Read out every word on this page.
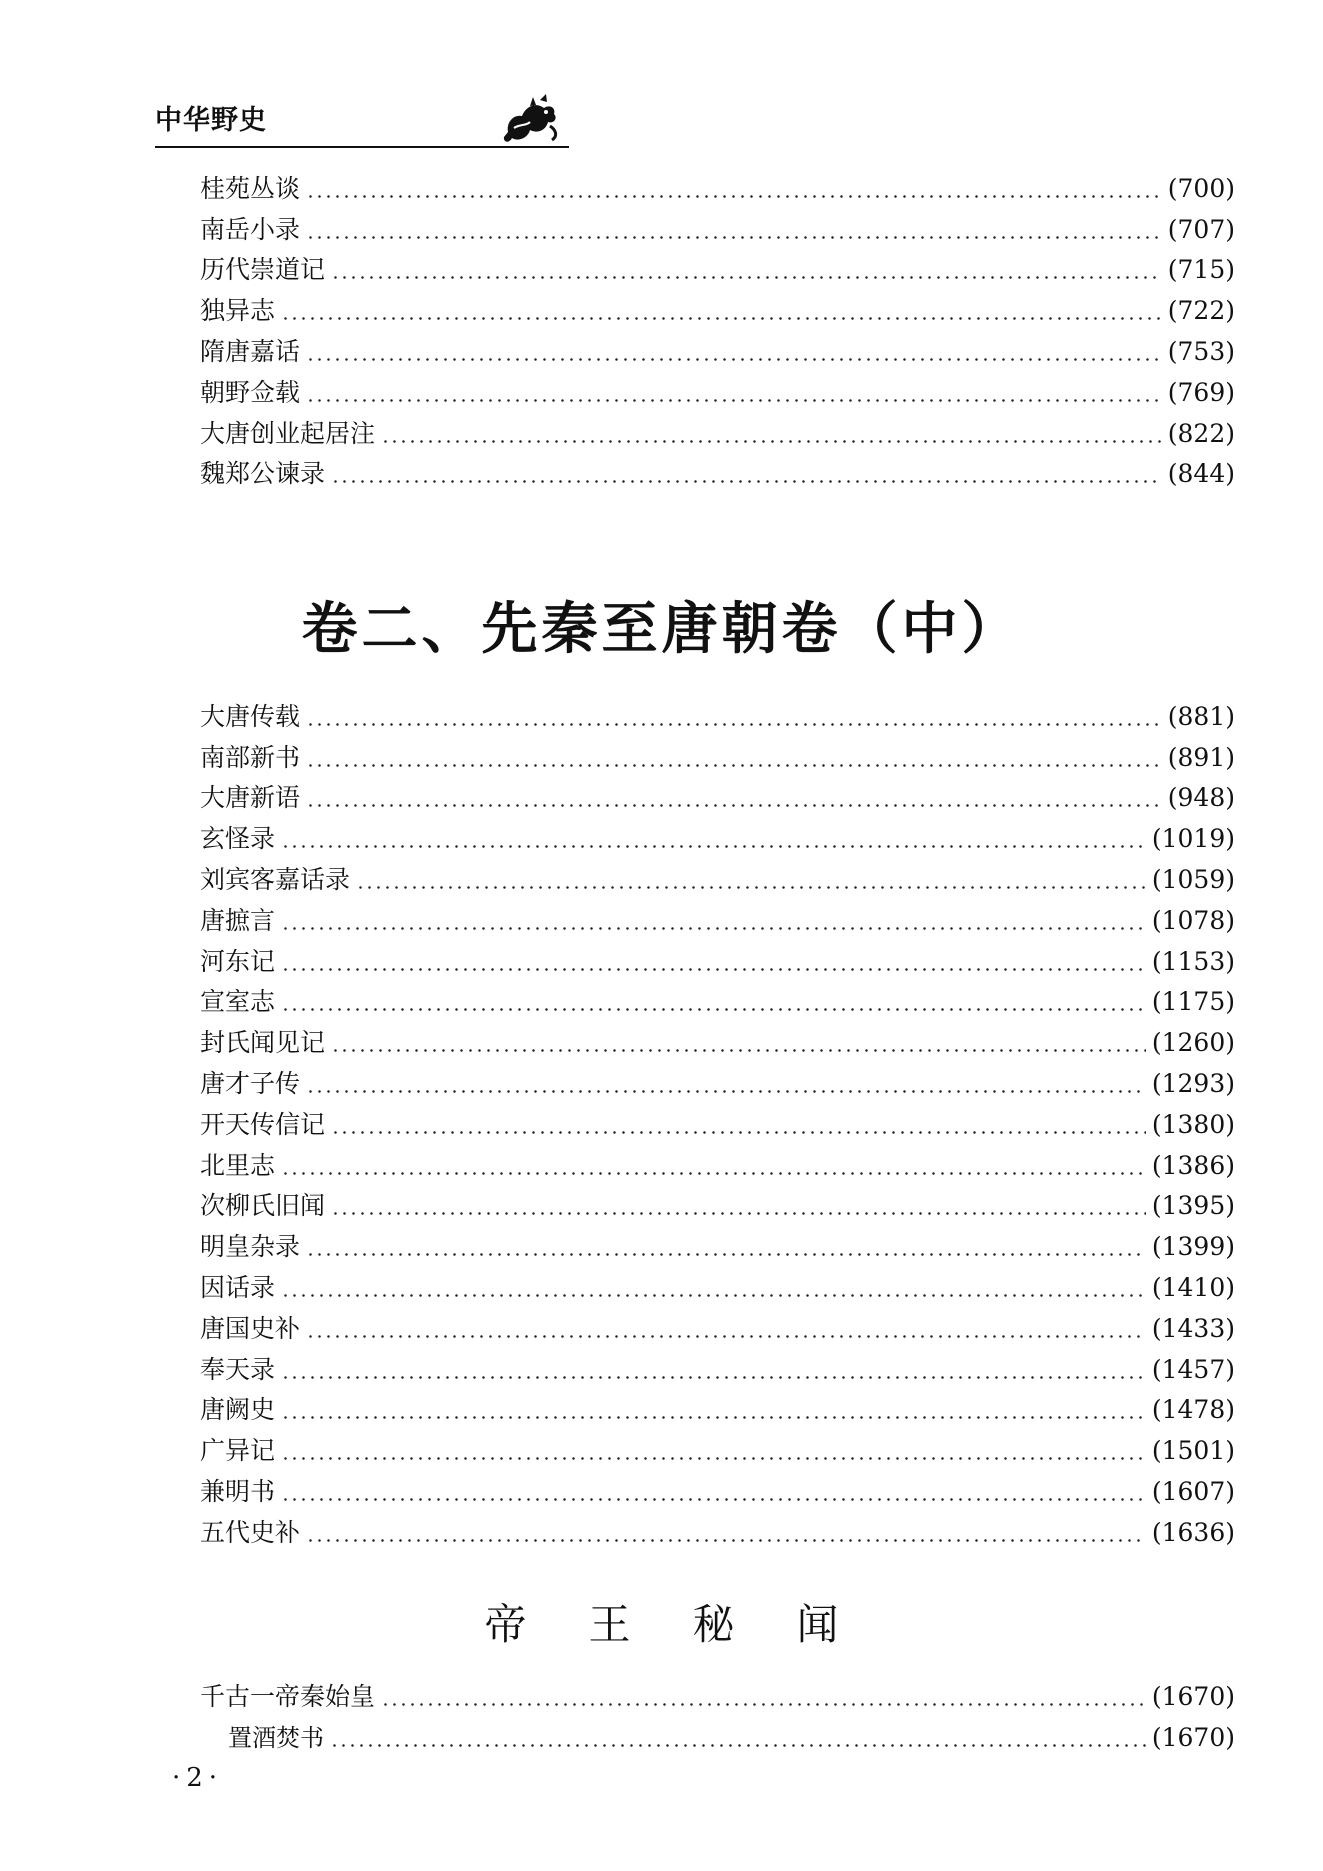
中华野史
桂苑丛谈	(700)
南岳小录	(707)
历代崇道记	(715)
独异志	(722)
隋唐嘉话	(753)
朝野佥载	(769)
大唐创业起居注	(822)
魏郑公谏录	(844)
卷二、先秦至唐朝卷（中）
大唐传载	(881)
南部新书	(891)
大唐新语	(948)
玄怪录	(1019)
刘宾客嘉话录	(1059)
唐摭言	(1078)
河东记	(1153)
宣室志	(1175)
封氏闻见记	(1260)
唐才子传	(1293)
开天传信记	(1380)
北里志	(1386)
次柳氏旧闻	(1395)
明皇杂录	(1399)
因话录	(1410)
唐国史补	(1433)
奉天录	(1457)
唐阙史	(1478)
广异记	(1501)
兼明书	(1607)
五代史补	(1636)
帝王秘闻
千古一帝秦始皇	(1670)
置酒焚书	(1670)
·2·
